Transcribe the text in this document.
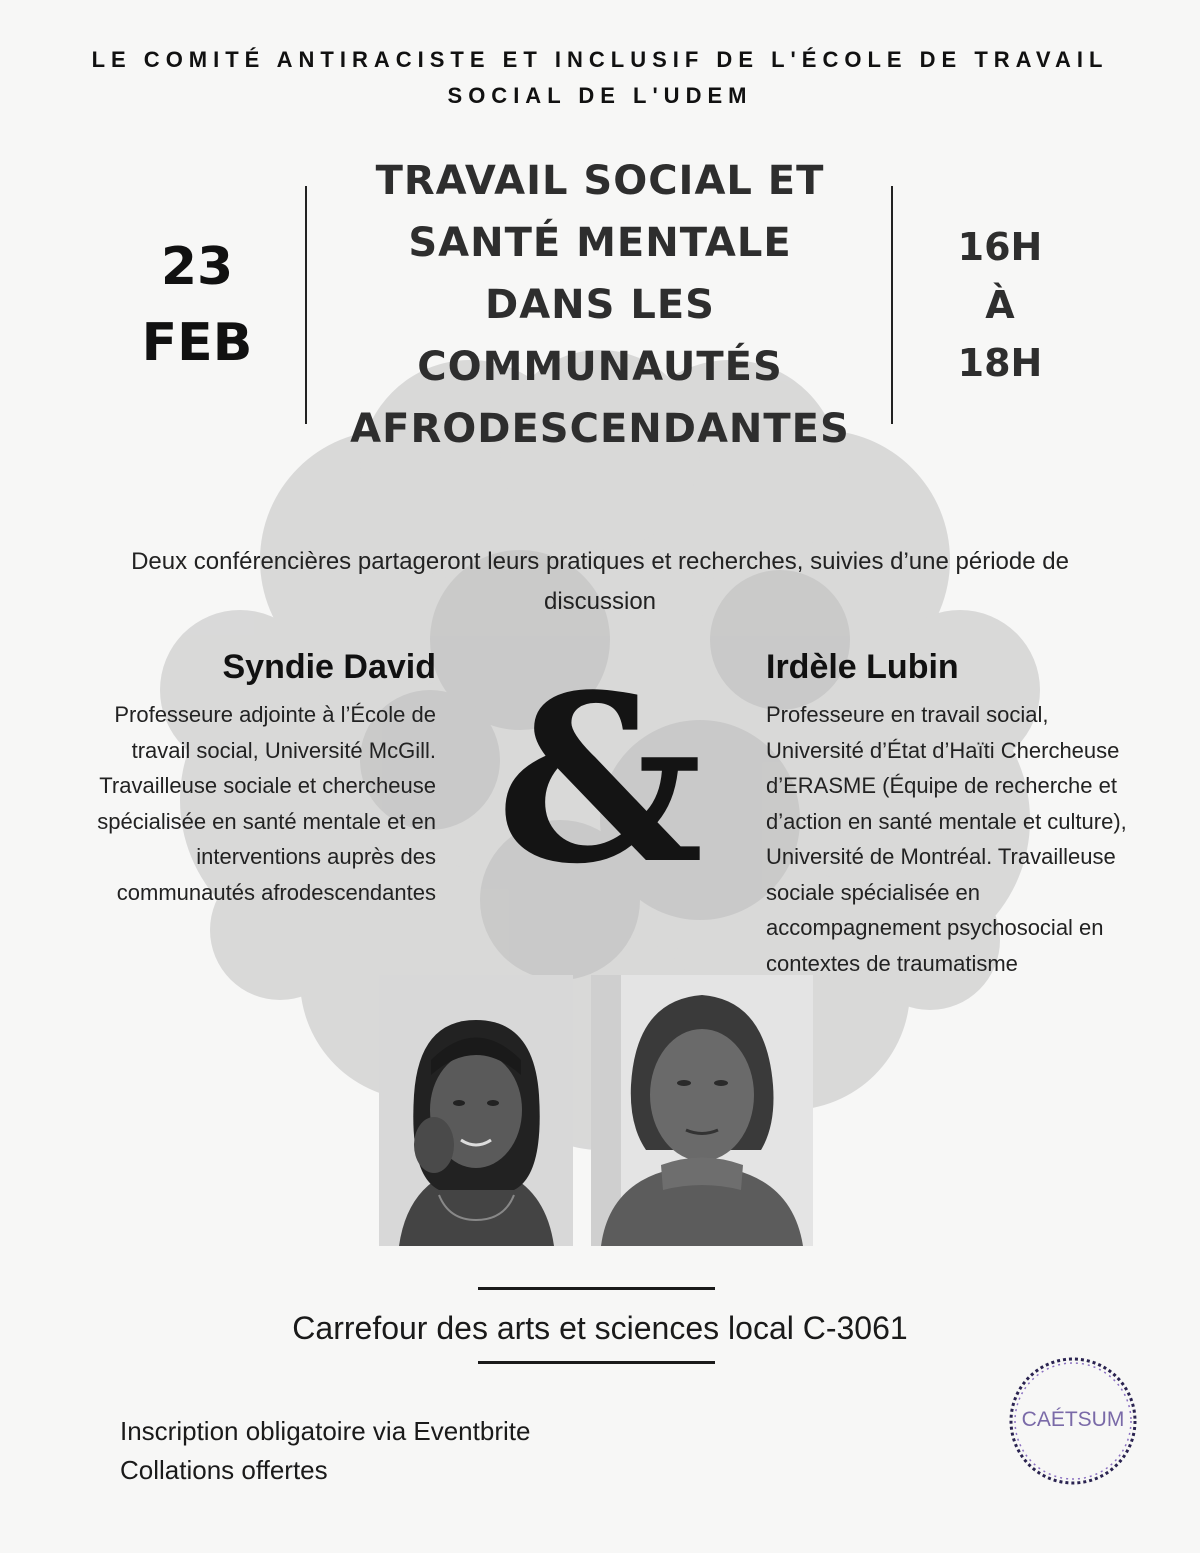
LE COMITÉ ANTIRACISTE ET INCLUSIF DE L'ÉCOLE DE TRAVAIL SOCIAL DE L'UDEM
23
FEB
TRAVAIL SOCIAL ET
SANTÉ MENTALE
DANS LES
COMMUNAUTÉS
AFRODESCENDANTES
16H
À
18H
Deux conférencières partageront leurs pratiques et recherches, suivies d’une période de discussion
Syndie David
Professeure adjointe à l’École de travail social, Université McGill. Travailleuse sociale et chercheuse spécialisée en santé mentale et en interventions auprès des communautés afrodescendantes & Irdèle Lubin
Professeure en travail social, Université d’État d’Haïti Chercheuse d’ERASME (Équipe de recherche et d’action en santé mentale et culture), Université de Montréal. Travailleuse sociale spécialisée en accompagnement psychosocial en contextes de traumatisme
Carrefour des arts et sciences local C-3061
Inscription obligatoire via Eventbrite
Collations offertes
CAÉTSUM
